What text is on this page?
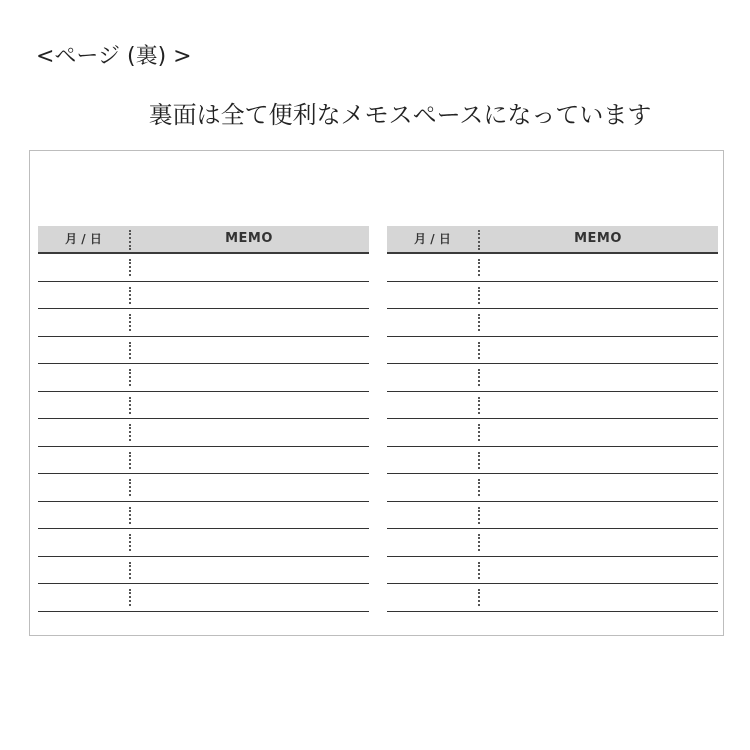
<ページ (裏) >
裏面は全て便利なメモスペースになっています
月 / 日	MEMO	月 / 日	MEMO
